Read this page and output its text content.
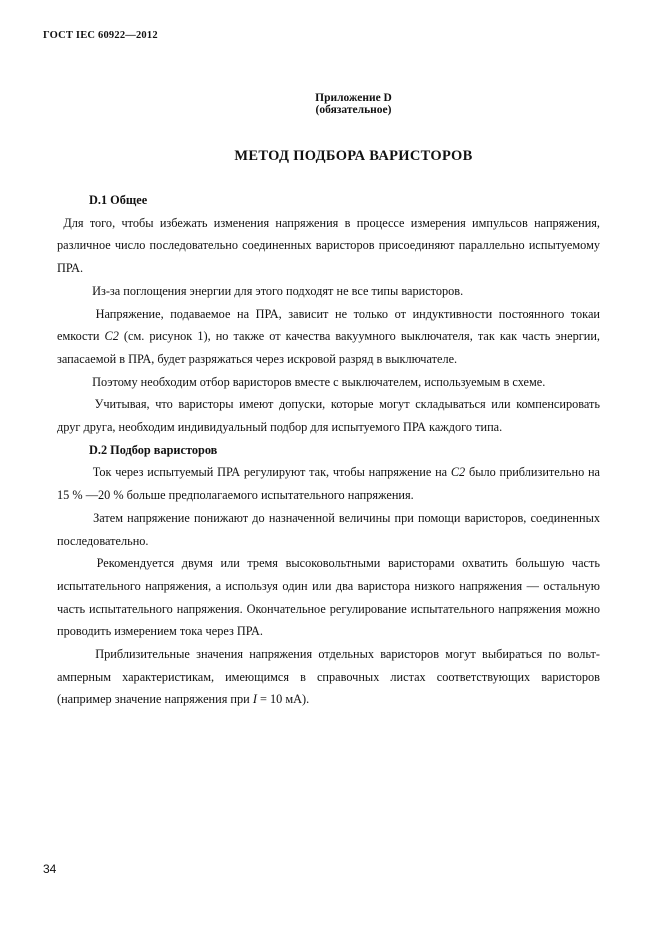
ГОСТ IEC 60922—2012
Приложение D
(обязательное)
МЕТОД ПОДБОРА ВАРИСТОРОВ
D.1 Общее

Для того, чтобы избежать изменения напряжения в процессе измерения импульсов напряжения, различное число последовательно соединенных варисторов присоединяют параллельно испытуемому ПРА.

Из-за поглощения энергии для этого подходят не все типы варисторов.

Напряжение, подаваемое на ПРА, зависит не только от индуктивности постоянного токаи емкости C2 (см. рисунок 1), но также от качества вакуумного выключателя, так как часть энергии, запасаемой в ПРА, будет разряжаться через искровой разряд в выключателе.

Поэтому необходим отбор варисторов вместе с выключателем, используемым в схеме.

Учитывая, что варисторы имеют допуски, которые могут складываться или компенсировать друг друга, необходим индивидуальный подбор для испытуемого ПРА каждого типа.

D.2 Подбор варисторов

Ток через испытуемый ПРА регулируют так, чтобы напряжение на C2 было приблизительно на 15 % —20 % больше предполагаемого испытательного напряжения.

Затем напряжение понижают до назначенной величины при помощи варисторов, соединенных последовательно.

Рекомендуется двумя или тремя высоковольтными варисторами охватить большую часть испытательного напряжения, а используя один или два варистора низкого напряжения — остальную часть испытательного напряжения. Окончательное регулирование испытательного напряжения можно проводить измерением тока через ПРА.

Приблизительные значения напряжения отдельных варисторов могут выбираться по вольт-амперным характеристикам, имеющимся в справочных листах соответствующих варисторов (например значение напряжения при I = 10 мА).

34
